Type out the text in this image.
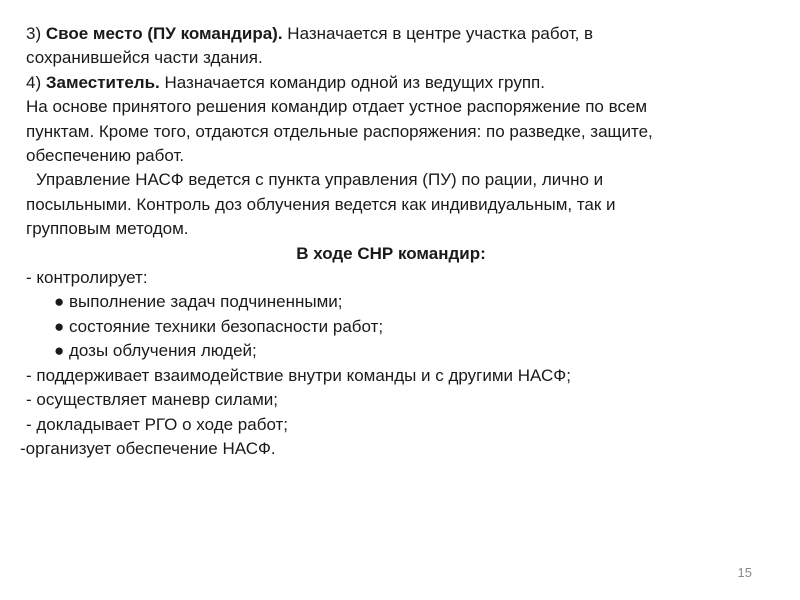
3) Свое место (ПУ командира). Назначается в центре участка работ, в
сохранившейся части здания.
4) Заместитель. Назначается командир одной из ведущих групп.
На основе принятого решения командир отдает устное распоряжение по всем
пунктам. Кроме того, отдаются отдельные распоряжения: по разведке, защите,
обеспечению работ.
Управление НАСФ ведется с пункта управления (ПУ) по рации, лично и
посыльными. Контроль доз облучения ведется как индивидуальным, так и
групповым методом.
В ходе СНР командир:
- контролирует:
● выполнение задач подчиненными;
● состояние техники безопасности работ;
● дозы облучения людей;
- поддерживает взаимодействие внутри команды и с другими НАСФ;
- осуществляет маневр силами;
- докладывает РГО о ходе работ;
-организует обеспечение НАСФ.
15
